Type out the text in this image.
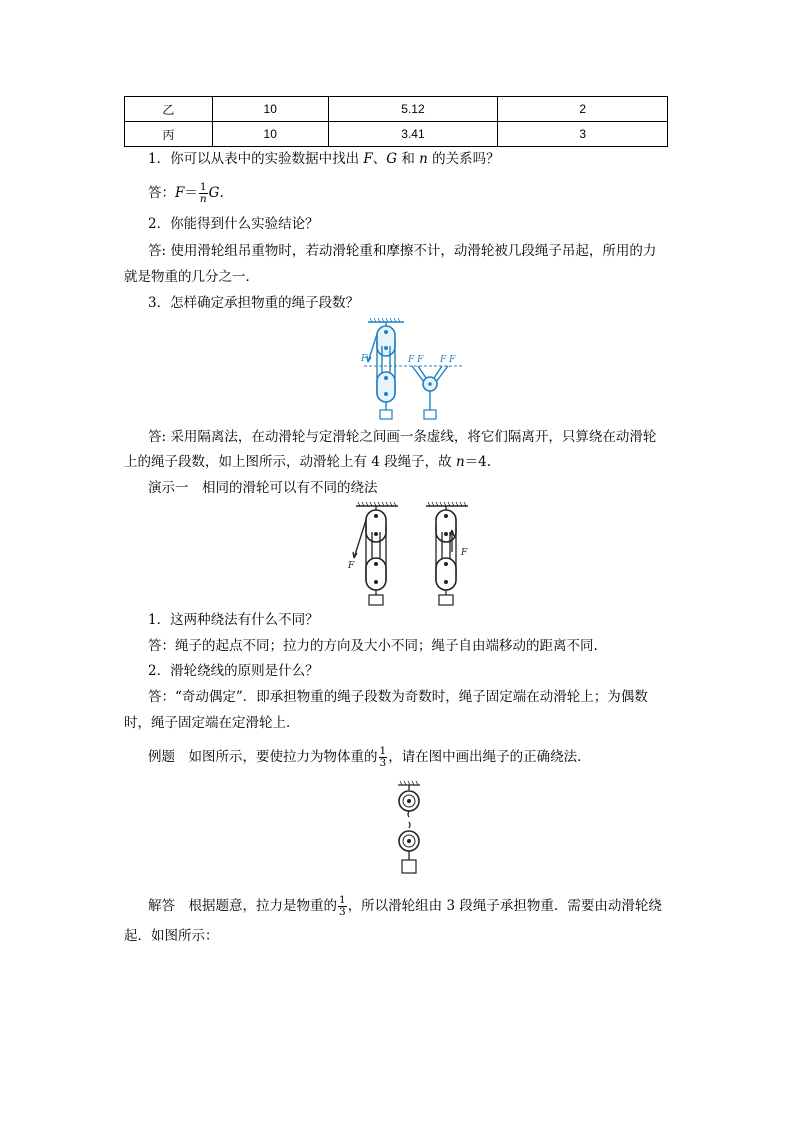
乙	10	5.12	2
丙	10	3.41	3
1．你可以从表中的实验数据中找出 F、G 和 n 的关系吗？
答：$F= \frac{1}{n} G$.
2．你能得到什么实验结论？
答: 使用滑轮组吊重物时，若动滑轮重和摩擦不计，动滑轮被几段绳子吊起，所用的力
就是物重的几分之一．
3．怎样确定承担物重的绳子段数？
F	F F F F
答: 采用隔离法，在动滑轮与定滑轮之间画一条虚线，将它们隔离开，只算绕在动滑轮
上的绳子段数，如上图所示，动滑轮上有 4 段绳子，故 n＝4.
演示一　相同的滑轮可以有不同的绕法
F
F
1．这两种绕法有什么不同？
答：绳子的起点不同；拉力的方向及大小不同；绳子自由端移动的距离不同.
2．滑轮绕线的原则是什么？
答：“奇动偶定”．即承担物重的绳子段数为奇数时，绳子固定端在动滑轮上；为偶数
时，绳子固定端在定滑轮上．
例题　如图所示，要使拉力为物体重的 $\frac{1}{3}$ ，请在图中画出绳子的正确绕法．
解答　根据题意，拉力是物重的 $\frac{1}{3}$ ，所以滑轮组由 3 段绳子承担物重．需要由动滑轮绕
起．如图所示：
